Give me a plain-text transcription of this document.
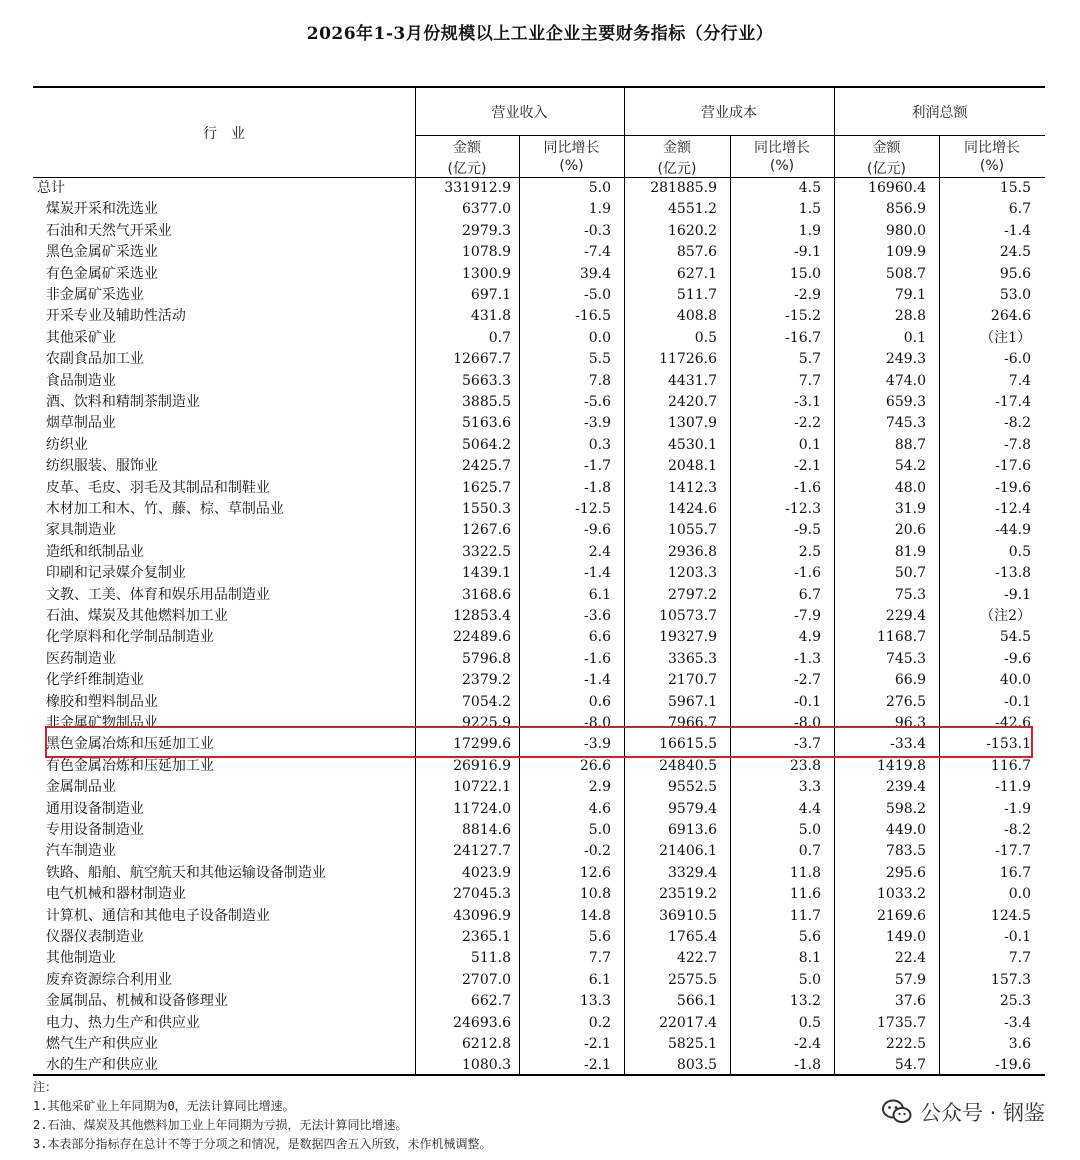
2026年1-3月份规模以上工业企业主要财务指标（分行业）
行　业
营业收入	营业成本	利润总额
金额
(亿元)
同比增长
(%)
金额
(亿元)
同比增长
(%)
金额
(亿元)
同比增长
(%)
总计	331912.9	5.0	281885.9	4.5	16960.4	15.5
煤炭开采和洗选业	6377.0	1.9	4551.2	1.5	856.9	6.7
石油和天然气开采业	2979.3	-0.3	1620.2	1.9	980.0	-1.4
黑色金属矿采选业	1078.9	-7.4	857.6	-9.1	109.9	24.5
有色金属矿采选业	1300.9	39.4	627.1	15.0	508.7	95.6
非金属矿采选业	697.1	-5.0	511.7	-2.9	79.1	53.0
开采专业及辅助性活动	431.8	-16.5	408.8	-15.2	28.8	264.6
其他采矿业	0.7	0.0	0.5	-16.7	0.1	（注1）
农副食品加工业	12667.7	5.5	11726.6	5.7	249.3	-6.0
食品制造业	5663.3	7.8	4431.7	7.7	474.0	7.4
酒、饮料和精制茶制造业	3885.5	-5.6	2420.7	-3.1	659.3	-17.4
烟草制品业	5163.6	-3.9	1307.9	-2.2	745.3	-8.2
纺织业	5064.2	0.3	4530.1	0.1	88.7	-7.8
纺织服装、服饰业	2425.7	-1.7	2048.1	-2.1	54.2	-17.6
皮革、毛皮、羽毛及其制品和制鞋业	1625.7	-1.8	1412.3	-1.6	48.0	-19.6
木材加工和木、竹、藤、棕、草制品业	1550.3	-12.5	1424.6	-12.3	31.9	-12.4
家具制造业	1267.6	-9.6	1055.7	-9.5	20.6	-44.9
造纸和纸制品业	3322.5	2.4	2936.8	2.5	81.9	0.5
印刷和记录媒介复制业	1439.1	-1.4	1203.3	-1.6	50.7	-13.8
文教、工美、体育和娱乐用品制造业	3168.6	6.1	2797.2	6.7	75.3	-9.1
石油、煤炭及其他燃料加工业	12853.4	-3.6	10573.7	-7.9	229.4	（注2）
化学原料和化学制品制造业	22489.6	6.6	19327.9	4.9	1168.7	54.5
医药制造业	5796.8	-1.6	3365.3	-1.3	745.3	-9.6
化学纤维制造业	2379.2	-1.4	2170.7	-2.7	66.9	40.0
橡胶和塑料制品业	7054.2	0.6	5967.1	-0.1	276.5	-0.1
非金属矿物制品业	9225.9	-8.0	7966.7	-8.0	96.3	-42.6
黑色金属冶炼和压延加工业	17299.6	-3.9	16615.5	-3.7	-33.4	-153.1
有色金属冶炼和压延加工业	26916.9	26.6	24840.5	23.8	1419.8	116.7
金属制品业	10722.1	2.9	9552.5	3.3	239.4	-11.9
通用设备制造业	11724.0	4.6	9579.4	4.4	598.2	-1.9
专用设备制造业	8814.6	5.0	6913.6	5.0	449.0	-8.2
汽车制造业	24127.7	-0.2	21406.1	0.7	783.5	-17.7
铁路、船舶、航空航天和其他运输设备制造业	4023.9	12.6	3329.4	11.8	295.6	16.7
电气机械和器材制造业	27045.3	10.8	23519.2	11.6	1033.2	0.0
计算机、通信和其他电子设备制造业	43096.9	14.8	36910.5	11.7	2169.6	124.5
仪器仪表制造业	2365.1	5.6	1765.4	5.6	149.0	-0.1
其他制造业	511.8	7.7	422.7	8.1	22.4	7.7
废弃资源综合利用业	2707.0	6.1	2575.5	5.0	57.9	157.3
金属制品、机械和设备修理业	662.7	13.3	566.1	13.2	37.6	25.3
电力、热力生产和供应业	24693.6	0.2	22017.4	0.5	1735.7	-3.4
燃气生产和供应业	6212.8	-2.1	5825.1	-2.4	222.5	3.6
水的生产和供应业	1080.3	-2.1	803.5	-1.8	54.7	-19.6
注：
1.其他采矿业上年同期为0，无法计算同比增速。
2.石油、煤炭及其他燃料加工业上年同期为亏损，无法计算同比增速。
3.本表部分指标存在总计不等于分项之和情况，是数据四舍五入所致，未作机械调整。
公众号 · 钢鉴
